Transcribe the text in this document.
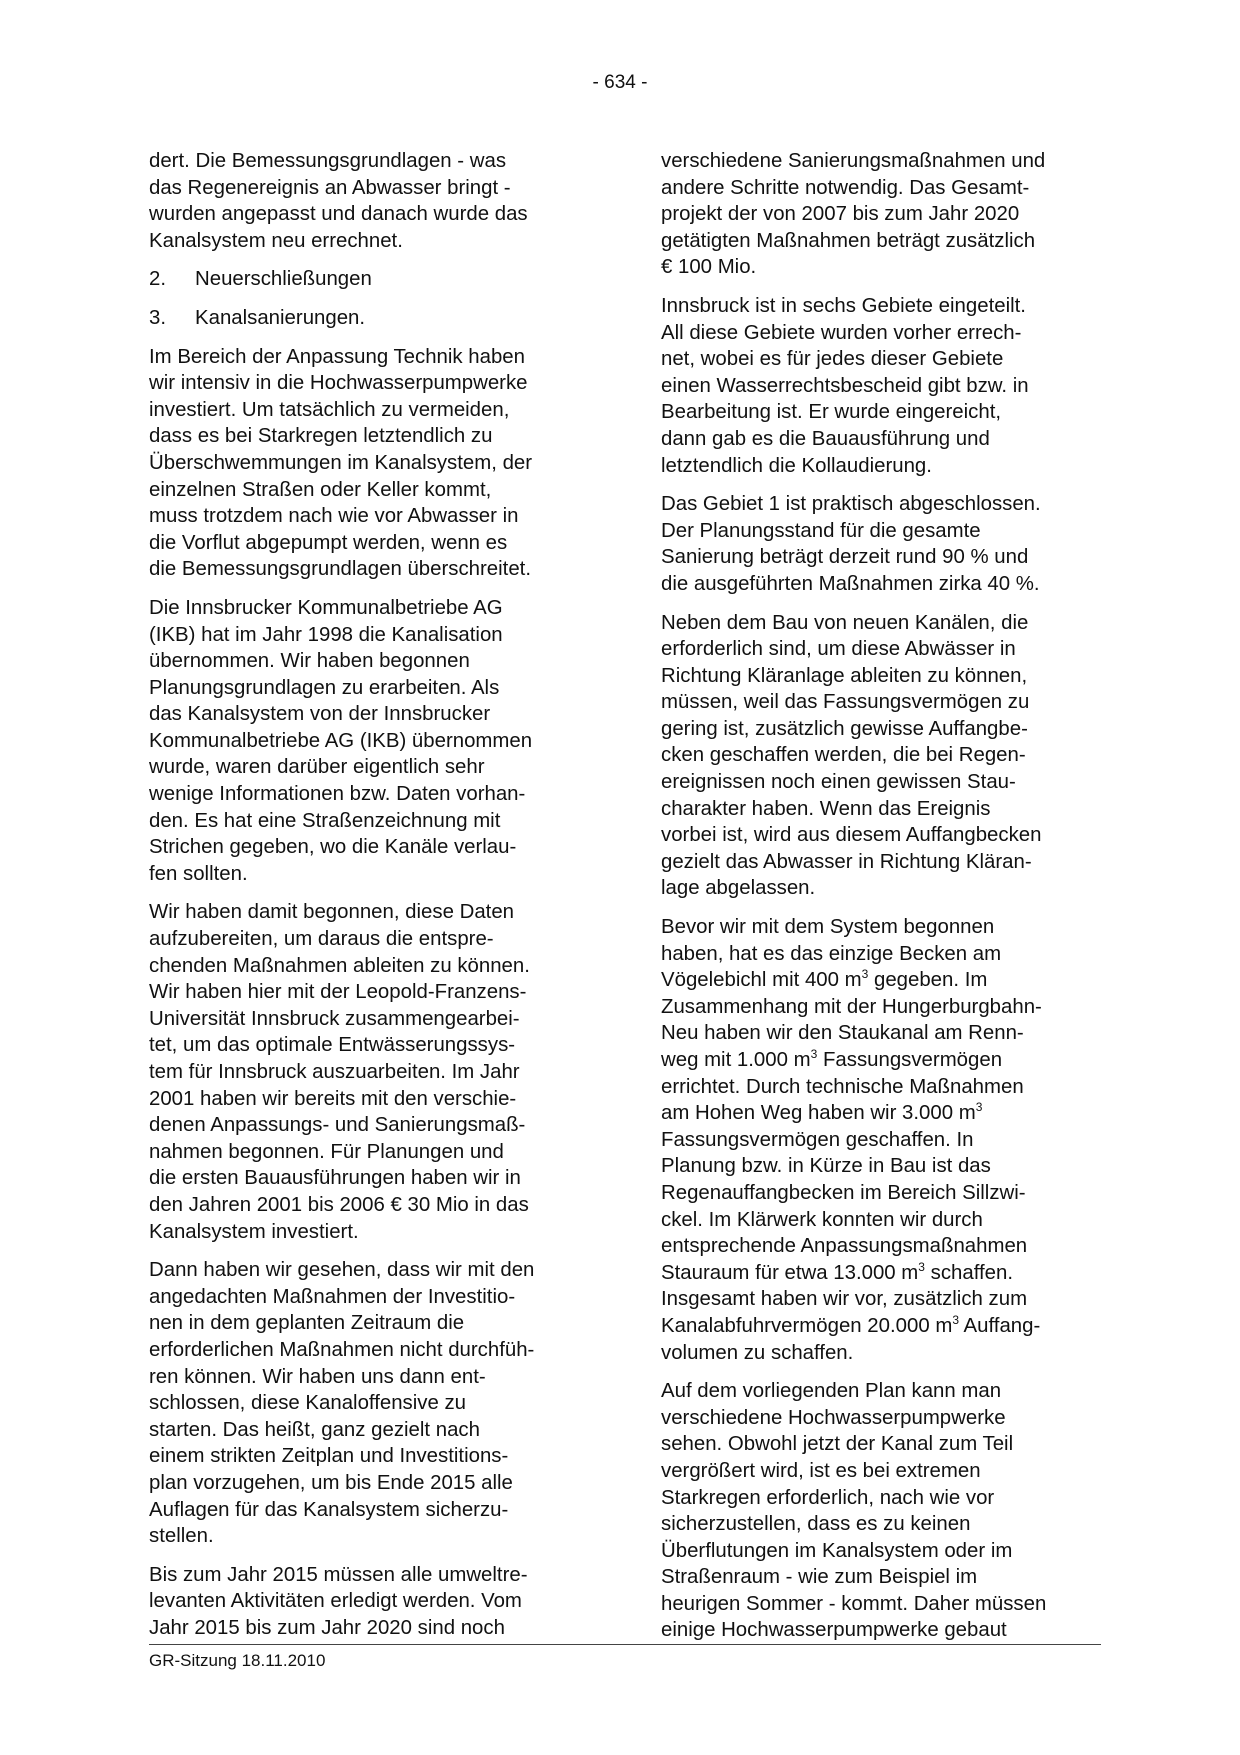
- 634 -

dert. Die Bemessungsgrundlagen - was
das Regenereignis an Abwasser bringt -
wurden angepasst und danach wurde das
Kanalsystem neu errechnet.

2.	Neuerschließungen
3.	Kanalsanierungen.

Im Bereich der Anpassung Technik haben
wir intensiv in die Hochwasserpumpwerke
investiert. Um tatsächlich zu vermeiden,
dass es bei Starkregen letztendlich zu
Überschwemmungen im Kanalsystem, der
einzelnen Straßen oder Keller kommt,
muss trotzdem nach wie vor Abwasser in
die Vorflut abgepumpt werden, wenn es
die Bemessungsgrundlagen überschreitet.

Die Innsbrucker Kommunalbetriebe AG
(IKB) hat im Jahr 1998 die Kanalisation
übernommen. Wir haben begonnen
Planungsgrundlagen zu erarbeiten. Als
das Kanalsystem von der Innsbrucker
Kommunalbetriebe AG (IKB) übernommen
wurde, waren darüber eigentlich sehr
wenige Informationen bzw. Daten vorhan-
den. Es hat eine Straßenzeichnung mit
Strichen gegeben, wo die Kanäle verlau-
fen sollten.

Wir haben damit begonnen, diese Daten
aufzubereiten, um daraus die entspre-
chenden Maßnahmen ableiten zu können.
Wir haben hier mit der Leopold-Franzens-
Universität Innsbruck zusammengearbei-
tet, um das optimale Entwässerungssys-
tem für Innsbruck auszuarbeiten. Im Jahr
2001 haben wir bereits mit den verschie-
denen Anpassungs- und Sanierungsmaß-
nahmen begonnen. Für Planungen und
die ersten Bauausführungen haben wir in
den Jahren 2001 bis 2006 € 30 Mio in das
Kanalsystem investiert.

Dann haben wir gesehen, dass wir mit den
angedachten Maßnahmen der Investitio-
nen in dem geplanten Zeitraum die
erforderlichen Maßnahmen nicht durchfüh-
ren können. Wir haben uns dann ent-
schlossen, diese Kanaloffensive zu
starten. Das heißt, ganz gezielt nach
einem strikten Zeitplan und Investitions-
plan vorzugehen, um bis Ende 2015 alle
Auflagen für das Kanalsystem sicherzu-
stellen.

Bis zum Jahr 2015 müssen alle umweltre-
levanten Aktivitäten erledigt werden. Vom
Jahr 2015 bis zum Jahr 2020 sind noch

verschiedene Sanierungsmaßnahmen und
andere Schritte notwendig. Das Gesamt-
projekt der von 2007 bis zum Jahr 2020
getätigten Maßnahmen beträgt zusätzlich
€ 100 Mio.

Innsbruck ist in sechs Gebiete eingeteilt.
All diese Gebiete wurden vorher errech-
net, wobei es für jedes dieser Gebiete
einen Wasserrechtsbescheid gibt bzw. in
Bearbeitung ist. Er wurde eingereicht,
dann gab es die Bauausführung und
letztendlich die Kollaudierung.

Das Gebiet 1 ist praktisch abgeschlossen.
Der Planungsstand für die gesamte
Sanierung beträgt derzeit rund 90 % und
die ausgeführten Maßnahmen zirka 40 %.

Neben dem Bau von neuen Kanälen, die
erforderlich sind, um diese Abwässer in
Richtung Kläranlage ableiten zu können,
müssen, weil das Fassungsvermögen zu
gering ist, zusätzlich gewisse Auffangbe-
cken geschaffen werden, die bei Regen-
ereignissen noch einen gewissen Stau-
charakter haben. Wenn das Ereignis
vorbei ist, wird aus diesem Auffangbecken
gezielt das Abwasser in Richtung Kläran-
lage abgelassen.

Bevor wir mit dem System begonnen
haben, hat es das einzige Becken am
Vögelebichl mit 400 $m^3$ gegeben. Im
Zusammenhang mit der Hungerburgbahn-
Neu haben wir den Staukanal am Renn-
weg mit 1.000 $m^3$ Fassungsvermögen
errichtet. Durch technische Maßnahmen
am Hohen Weg haben wir 3.000 $m^3$
Fassungsvermögen geschaffen. In
Planung bzw. in Kürze in Bau ist das
Regenauffangbecken im Bereich Sillzwi-
ckel. Im Klärwerk konnten wir durch
entsprechende Anpassungsmaßnahmen
Stauraum für etwa 13.000 $m^3$ schaffen.
Insgesamt haben wir vor, zusätzlich zum
Kanalabfuhrvermögen 20.000 $m^3$ Auffang-
volumen zu schaffen.

Auf dem vorliegenden Plan kann man
verschiedene Hochwasserpumpwerke
sehen. Obwohl jetzt der Kanal zum Teil
vergrößert wird, ist es bei extremen
Starkregen erforderlich, nach wie vor
sicherzustellen, dass es zu keinen
Überflutungen im Kanalsystem oder im
Straßenraum - wie zum Beispiel im
heurigen Sommer - kommt. Daher müssen
einige Hochwasserpumpwerke gebaut

GR-Sitzung 18.11.2010
